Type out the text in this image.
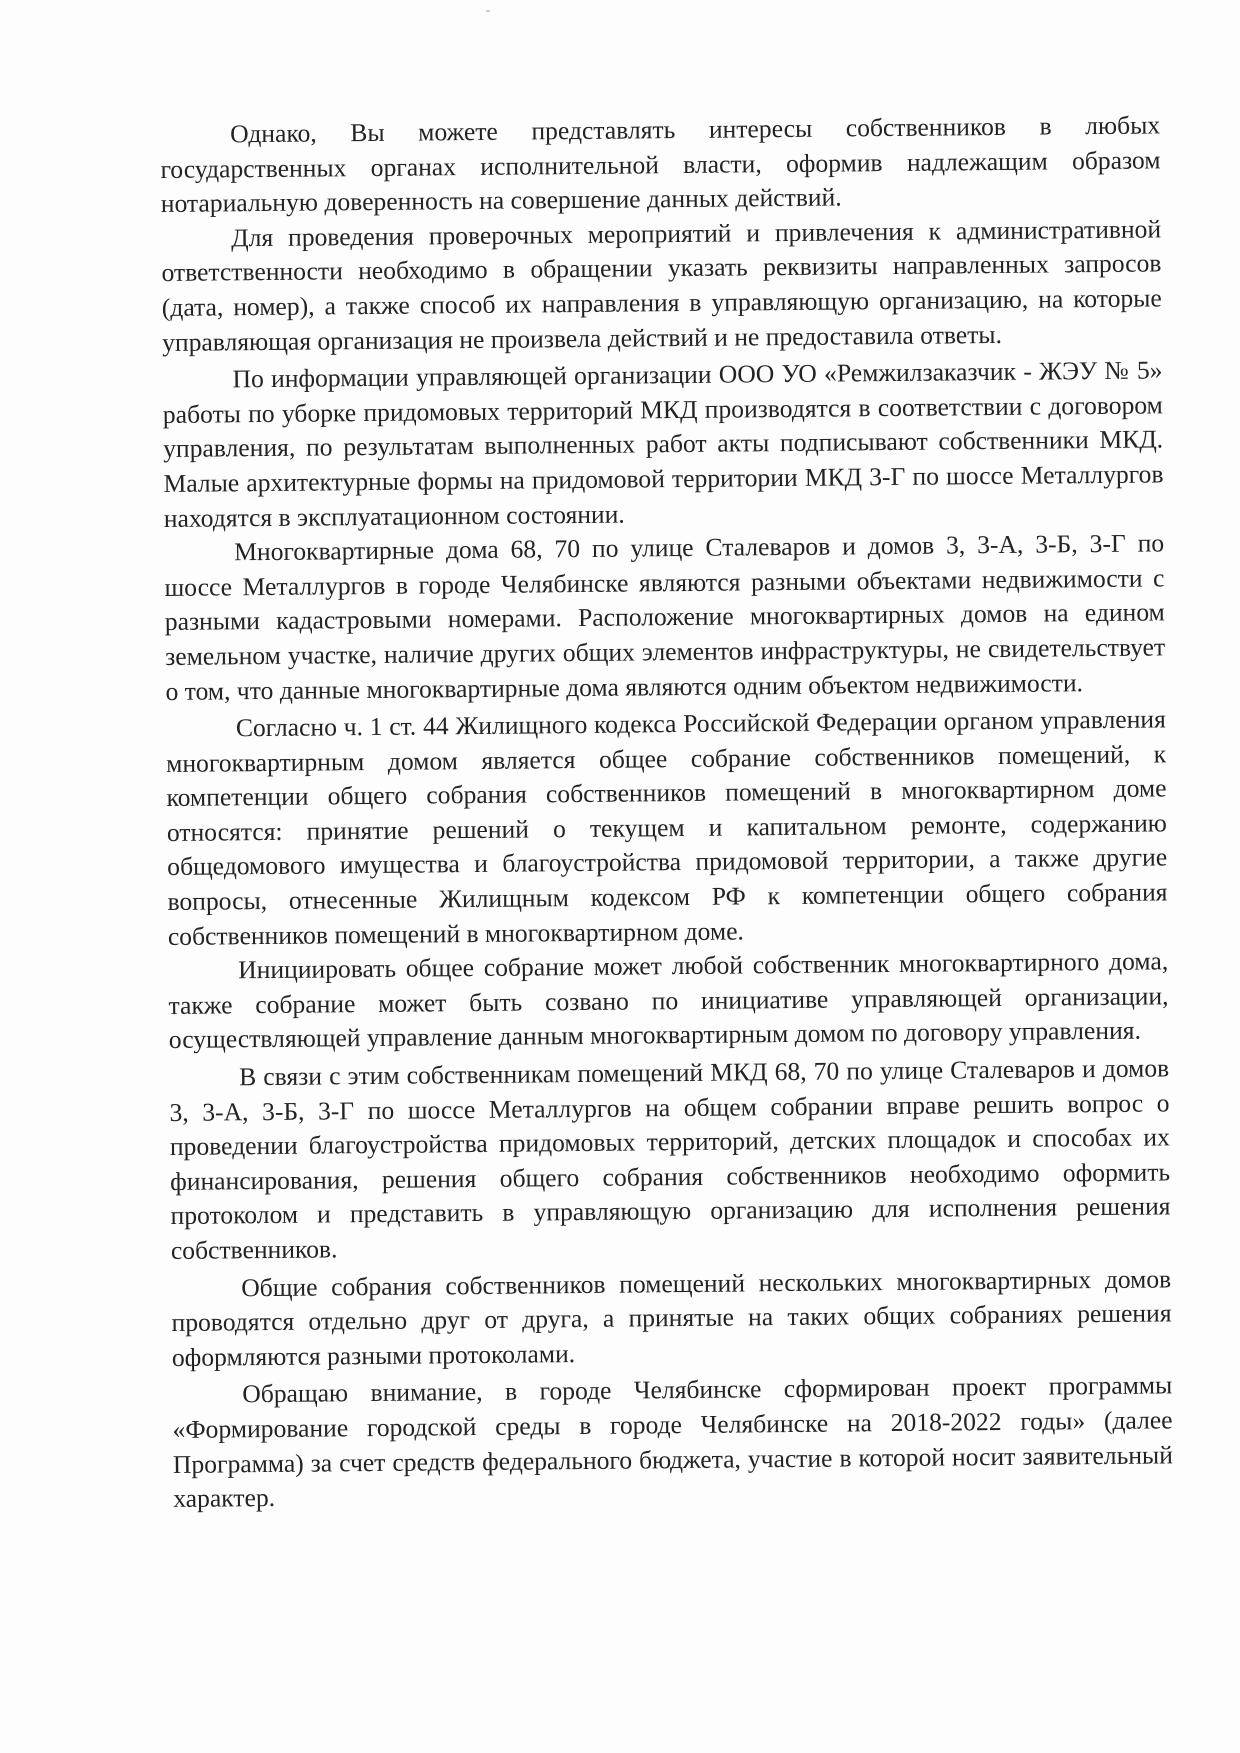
Однако, Вы можете представлять интересы собственников в любых государственных органах исполнительной власти, оформив надлежащим образом нотариальную доверенность на совершение данных действий.

Для проведения проверочных мероприятий и привлечения к административной ответственности необходимо в обращении указать реквизиты направленных запросов (дата, номер), а также способ их направления в управляющую организацию, на которые управляющая организация не произвела действий и не предоставила ответы.

По информации управляющей организации ООО УО «Ремжилзаказчик - ЖЭУ № 5» работы по уборке придомовых территорий МКД производятся в соответствии с договором управления, по результатам выполненных работ акты подписывают собственники МКД. Малые архитектурные формы на придомовой территории МКД 3-Г по шоссе Металлургов находятся в эксплуатационном состоянии.

Многоквартирные дома 68, 70 по улице Сталеваров и домов 3, 3-А, 3-Б, 3-Г по шоссе Металлургов в городе Челябинске являются разными объектами недвижимости с разными кадастровыми номерами. Расположение многоквартирных домов на едином земельном участке, наличие других общих элементов инфраструктуры, не свидетельствует о том, что данные многоквартирные дома являются одним объектом недвижимости.

Согласно ч. 1 ст. 44 Жилищного кодекса Российской Федерации органом управления многоквартирным домом является общее собрание собственников помещений, к компетенции общего собрания собственников помещений в многоквартирном доме относятся: принятие решений о текущем и капитальном ремонте, содержанию общедомового имущества и благоустройства придомовой территории, а также другие вопросы, отнесенные Жилищным кодексом РФ к компетенции общего собрания собственников помещений в многоквартирном доме.

Инициировать общее собрание может любой собственник многоквартирного дома, также собрание может быть созвано по инициативе управляющей организации, осуществляющей управление данным многоквартирным домом по договору управления.

В связи с этим собственникам помещений МКД 68, 70 по улице Сталеваров и домов 3, 3-А, 3-Б, 3-Г по шоссе Металлургов на общем собрании вправе решить вопрос о проведении благоустройства придомовых территорий, детских площадок и способах их финансирования, решения общего собрания собственников необходимо оформить протоколом и представить в управляющую организацию для исполнения решения собственников.

Общие собрания собственников помещений нескольких многоквартирных домов проводятся отдельно друг от друга, а принятые на таких общих собраниях решения оформляются разными протоколами.

Обращаю внимание, в городе Челябинске сформирован проект программы «Формирование городской среды в городе Челябинске на 2018-2022 годы» (далее Программа) за счет средств федерального бюджета, участие в которой носит заявительный характер.
